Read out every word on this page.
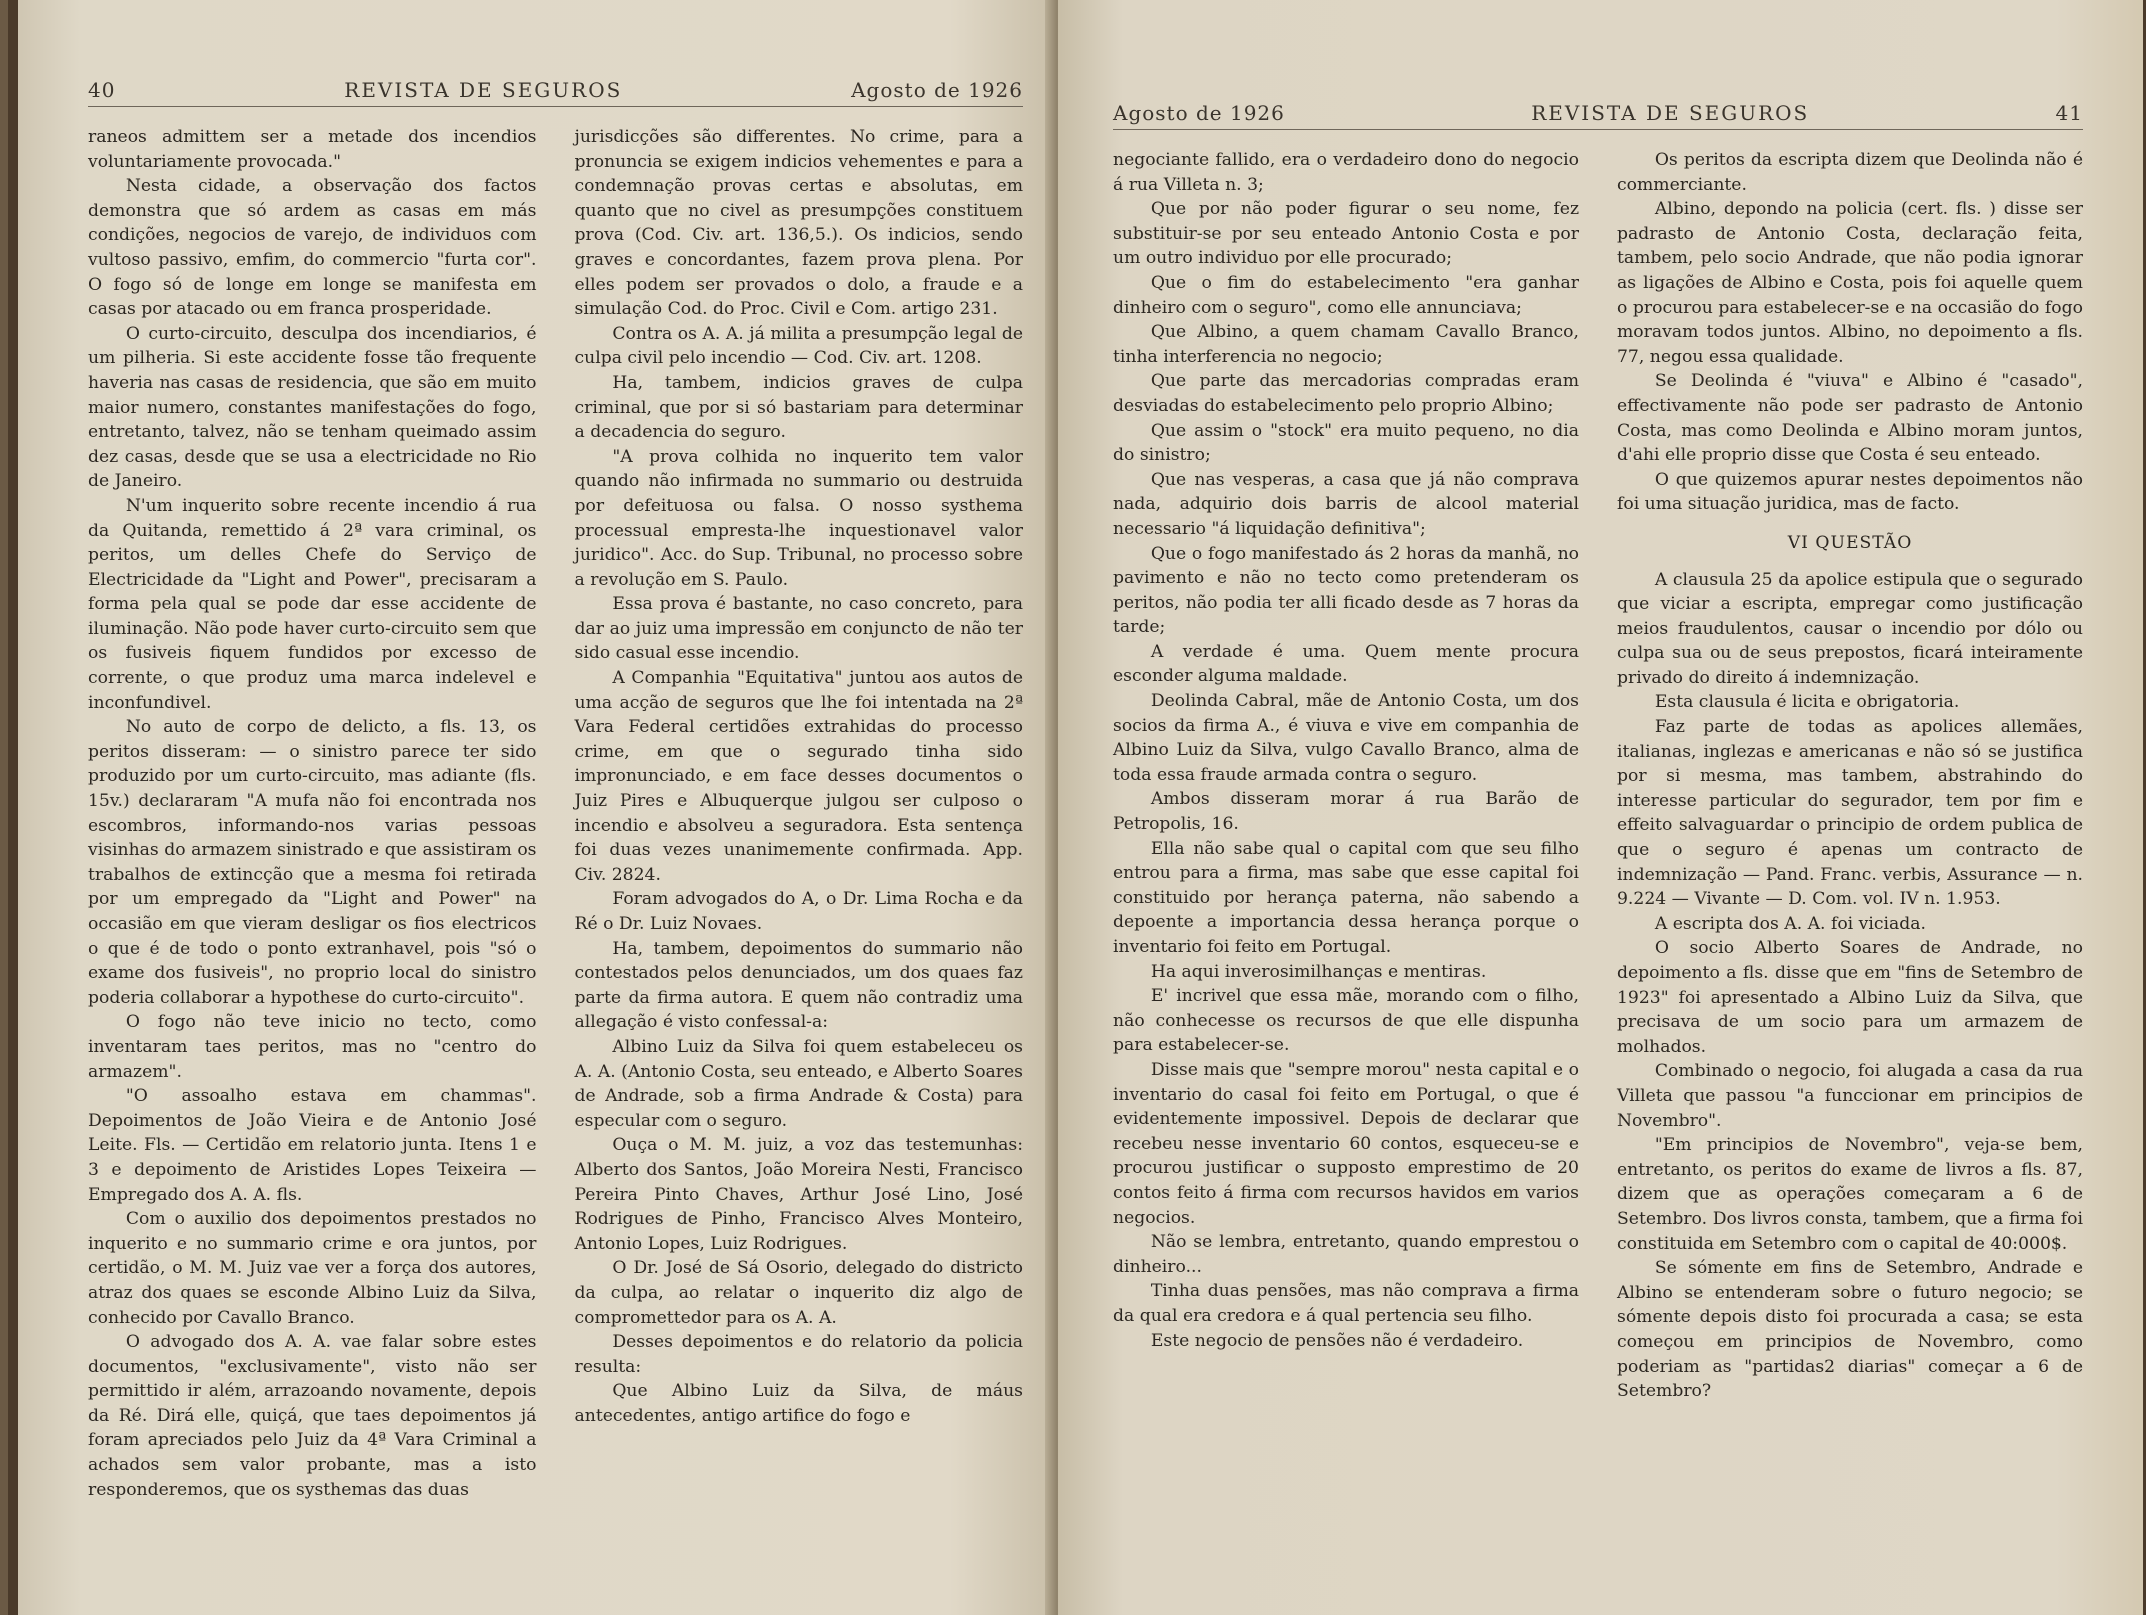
40	REVISTA DE SEGUROS	Agosto de 1926

raneos admittem ser a metade dos incendios voluntariamente provocada."

Nesta cidade, a observação dos factos demonstra que só ardem as casas em más condições, negocios de varejo, de individuos com vultoso passivo, emfim, do commercio "furta cor". O fogo só de longe em longe se manifesta em casas por atacado ou em franca prosperidade.

O curto-circuito, desculpa dos incendiarios, é um pilheria. Si este accidente fosse tão frequente haveria nas casas de residencia, que são em muito maior numero, constantes manifestações do fogo, entretanto, talvez, não se tenham queimado assim dez casas, desde que se usa a electricidade no Rio de Janeiro.

N'um inquerito sobre recente incendio á rua da Quitanda, remettido á 2ª vara criminal, os peritos, um delles Chefe do Serviço de Electricidade da "Light and Power", precisaram a forma pela qual se pode dar esse accidente de iluminação. Não pode haver curto-circuito sem que os fusiveis fiquem fundidos por excesso de corrente, o que produz uma marca indelevel e inconfundivel.

No auto de corpo de delicto, a fls. 13, os peritos disseram: — o sinistro parece ter sido produzido por um curto-circuito, mas adiante (fls. 15v.) declararam "A mufa não foi encontrada nos escombros, informando-nos varias pessoas visinhas do armazem sinistrado e que assistiram os trabalhos de extincção que a mesma foi retirada por um empregado da "Light and Power" na occasião em que vieram desligar os fios electricos o que é de todo o ponto extranhavel, pois "só o exame dos fusiveis", no proprio local do sinistro poderia collaborar a hypothese do curto-circuito".

O fogo não teve inicio no tecto, como inventaram taes peritos, mas no "centro do armazem".

"O assoalho estava em chammas". Depoimentos de João Vieira e de Antonio José Leite. Fls. — Certidão em relatorio junta. Itens 1 e 3 e depoimento de Aristides Lopes Teixeira — Empregado dos A. A. fls.

Com o auxilio dos depoimentos prestados no inquerito e no summario crime e ora juntos, por certidão, o M. M. Juiz vae ver a força dos autores, atraz dos quaes se esconde Albino Luiz da Silva, conhecido por Cavallo Branco.

O advogado dos A. A. vae falar sobre estes documentos, "exclusivamente", visto não ser permittido ir além, arrazoando novamente, depois da Ré. Dirá elle, quiçá, que taes depoimentos já foram apreciados pelo Juiz da 4ª Vara Criminal a achados sem valor probante, mas a isto responderemos, que os systhemas das duas

jurisdicções são differentes. No crime, para a pronuncia se exigem indicios vehementes e para a condemnação provas certas e absolutas, em quanto que no civel as presumpções constituem prova (Cod. Civ. art. 136,5.). Os indicios, sendo graves e concordantes, fazem prova plena. Por elles podem ser provados o dolo, a fraude e a simulação Cod. do Proc. Civil e Com. artigo 231.

Contra os A. A. já milita a presumpção legal de culpa civil pelo incendio — Cod. Civ. art. 1208.

Ha, tambem, indicios graves de culpa criminal, que por si só bastariam para determinar a decadencia do seguro.

"A prova colhida no inquerito tem valor quando não infirmada no summario ou destruida por defeituosa ou falsa. O nosso systhema processual empresta-lhe inquestionavel valor juridico". Acc. do Sup. Tribunal, no processo sobre a revolução em S. Paulo.

Essa prova é bastante, no caso concreto, para dar ao juiz uma impressão em conjuncto de não ter sido casual esse incendio.

A Companhia "Equitativa" juntou aos autos de uma acção de seguros que lhe foi intentada na 2ª Vara Federal certidões extrahidas do processo crime, em que o segurado tinha sido impronunciado, e em face desses documentos o Juiz Pires e Albuquerque julgou ser culposo o incendio e absolveu a seguradora. Esta sentença foi duas vezes unanimemente confirmada. App. Civ. 2824.

Foram advogados do A, o Dr. Lima Rocha e da Ré o Dr. Luiz Novaes.

Ha, tambem, depoimentos do summario não contestados pelos denunciados, um dos quaes faz parte da firma autora. E quem não contradiz uma allegação é visto confessal-a:

Albino Luiz da Silva foi quem estabeleceu os A. A. (Antonio Costa, seu enteado, e Alberto Soares de Andrade, sob a firma Andrade & Costa) para especular com o seguro.

Ouça o M. M. juiz, a voz das testemunhas: Alberto dos Santos, João Moreira Nesti, Francisco Pereira Pinto Chaves, Arthur José Lino, José Rodrigues de Pinho, Francisco Alves Monteiro, Antonio Lopes, Luiz Rodrigues.

O Dr. José de Sá Osorio, delegado do districto da culpa, ao relatar o inquerito diz algo de compromettedor para os A. A.

Desses depoimentos e do relatorio da policia resulta:

Que Albino Luiz da Silva, de máus antecedentes, antigo artifice do fogo e

Agosto de 1926	REVISTA DE SEGUROS	41

negociante fallido, era o verdadeiro dono do negocio á rua Villeta n. 3;

Que por não poder figurar o seu nome, fez substituir-se por seu enteado Antonio Costa e por um outro individuo por elle procurado;

Que o fim do estabelecimento "era ganhar dinheiro com o seguro", como elle annunciava;

Que Albino, a quem chamam Cavallo Branco, tinha interferencia no negocio;

Que parte das mercadorias compradas eram desviadas do estabelecimento pelo proprio Albino;

Que assim o "stock" era muito pequeno, no dia do sinistro;

Que nas vesperas, a casa que já não comprava nada, adquirio dois barris de alcool material necessario "á liquidação definitiva";

Que o fogo manifestado ás 2 horas da manhã, no pavimento e não no tecto como pretenderam os peritos, não podia ter alli ficado desde as 7 horas da tarde;

A verdade é uma. Quem mente procura esconder alguma maldade.

Deolinda Cabral, mãe de Antonio Costa, um dos socios da firma A., é viuva e vive em companhia de Albino Luiz da Silva, vulgo Cavallo Branco, alma de toda essa fraude armada contra o seguro.

Ambos disseram morar á rua Barão de Petropolis, 16.

Ella não sabe qual o capital com que seu filho entrou para a firma, mas sabe que esse capital foi constituido por herança paterna, não sabendo a depoente a importancia dessa herança porque o inventario foi feito em Portugal.

Ha aqui inverosimilhanças e mentiras.

E' incrivel que essa mãe, morando com o filho, não conhecesse os recursos de que elle dispunha para estabelecer-se.

Disse mais que "sempre morou" nesta capital e o inventario do casal foi feito em Portugal, o que é evidentemente impossivel. Depois de declarar que recebeu nesse inventario 60 contos, esqueceu-se e procurou justificar o supposto emprestimo de 20 contos feito á firma com recursos havidos em varios negocios.

Não se lembra, entretanto, quando emprestou o dinheiro...

Tinha duas pensões, mas não comprava a firma da qual era credora e á qual pertencia seu filho.

Este negocio de pensões não é verdadeiro.

Os peritos da escripta dizem que Deolinda não é commerciante.

Albino, depondo na policia (cert. fls. ) disse ser padrasto de Antonio Costa, declaração feita, tambem, pelo socio Andrade, que não podia ignorar as ligações de Albino e Costa, pois foi aquelle quem o procurou para estabelecer-se e na occasião do fogo moravam todos juntos. Albino, no depoimento a fls. 77, negou essa qualidade.

Se Deolinda é "viuva" e Albino é "casado", effectivamente não pode ser padrasto de Antonio Costa, mas como Deolinda e Albino moram juntos, d'ahi elle proprio disse que Costa é seu enteado.

O que quizemos apurar nestes depoimentos não foi uma situação juridica, mas de facto.

VI QUESTÃO

A clausula 25 da apolice estipula que o segurado que viciar a escripta, empregar como justificação meios fraudulentos, causar o incendio por dólo ou culpa sua ou de seus prepostos, ficará inteiramente privado do direito á indemnização.

Esta clausula é licita e obrigatoria.

Faz parte de todas as apolices allemães, italianas, inglezas e americanas e não só se justifica por si mesma, mas tambem, abstrahindo do interesse particular do segurador, tem por fim e effeito salvaguardar o principio de ordem publica de que o seguro é apenas um contracto de indemnização — Pand. Franc. verbis, Assurance — n. 9.224 — Vivante — D. Com. vol. IV n. 1.953.

A escripta dos A. A. foi viciada.

O socio Alberto Soares de Andrade, no depoimento a fls. disse que em "fins de Setembro de 1923" foi apresentado a Albino Luiz da Silva, que precisava de um socio para um armazem de molhados.

Combinado o negocio, foi alugada a casa da rua Villeta que passou "a funccionar em principios de Novembro".

"Em principios de Novembro", veja-se bem, entretanto, os peritos do exame de livros a fls. 87, dizem que as operações começaram a 6 de Setembro. Dos livros consta, tambem, que a firma foi constituida em Setembro com o capital de 40:000$.

Se sómente em fins de Setembro, Andrade e Albino se entenderam sobre o futuro negocio; se sómente depois disto foi procurada a casa; se esta começou em principios de Novembro, como poderiam as "partidas2 diarias" começar a 6 de Setembro?
